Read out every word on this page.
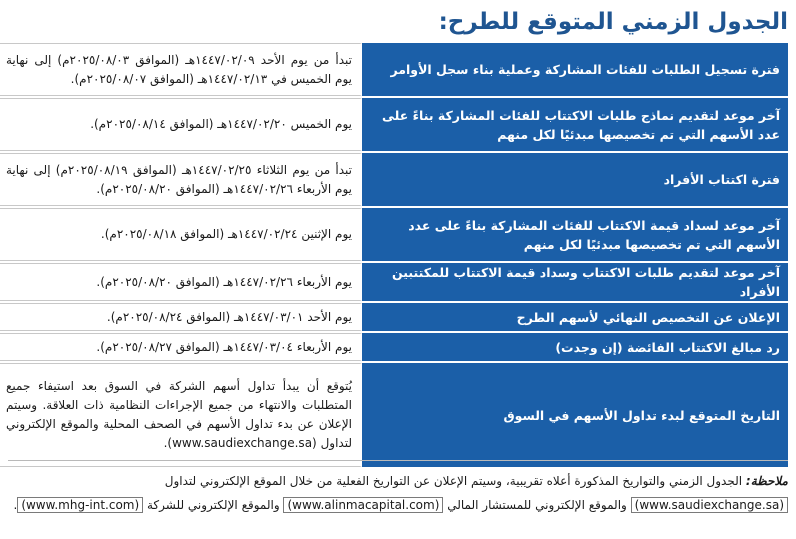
الجدول الزمني المتوقع للطرح:
فترة تسجيل الطلبات للفئات المشاركة وعملية بناء سجل الأوامر	تبدأ من يوم الأحد ١٤٤٧/٠٢/٠٩هـ (الموافق ٢٠٢٥/٠٨/٠٣م) إلى نهاية يوم الخميس في ١٤٤٧/٠٢/١٣هـ (الموافق ٢٠٢٥/٠٨/٠٧م).
آخر موعد لتقديم نماذج طلبات الاكتتاب للفئات المشاركة بناءً على عدد الأسهم التي تم تخصيصها مبدئيًا لكل منهم	يوم الخميس ١٤٤٧/٠٢/٢٠هـ (الموافق ٢٠٢٥/٠٨/١٤م).
فترة اكتتاب الأفراد	تبدأ من يوم الثلاثاء ١٤٤٧/٠٢/٢٥هـ (الموافق ٢٠٢٥/٠٨/١٩م) إلى نهاية يوم الأربعاء ١٤٤٧/٠٢/٢٦هـ (الموافق ٢٠٢٥/٠٨/٢٠م).
آخر موعد لسداد قيمة الاكتتاب للفئات المشاركة بناءً على عدد الأسهم التي تم تخصيصها مبدئيًا لكل منهم	يوم الإثنين ١٤٤٧/٠٢/٢٤هـ (الموافق ٢٠٢٥/٠٨/١٨م).
آخر موعد لتقديم طلبات الاكتتاب وسداد قيمة الاكتتاب للمكتتبين الأفراد	يوم الأربعاء ١٤٤٧/٠٢/٢٦هـ (الموافق ٢٠٢٥/٠٨/٢٠م).
الإعلان عن التخصيص النهائي لأسهم الطرح	يوم الأحد ١٤٤٧/٠٣/٠١هـ (الموافق ٢٠٢٥/٠٨/٢٤م).
رد مبالغ الاكتتاب الفائضة (إن وجدت)	يوم الأربعاء ١٤٤٧/٠٣/٠٤هـ (الموافق ٢٠٢٥/٠٨/٢٧م).
التاريخ المتوقع لبدء تداول الأسهم في السوق	يُتوقع أن يبدأ تداول أسهم الشركة في السوق بعد استيفاء جميع المتطلبات والانتهاء من جميع الإجراءات النظامية ذات العلاقة. وسيتم الإعلان عن بدء تداول الأسهم في الصحف المحلية والموقع الإلكتروني لتداول (www.saudiexchange.sa).
ملاحظة: الجدول الزمني والتواريخ المذكورة أعلاه تقريبية، وسيتم الإعلان عن التواريخ الفعلية من خلال الموقع الإلكتروني لتداول (www.saudiexchange.sa) والموقع الإلكتروني للمستشار المالي (www.alinmacapital.com) والموقع الإلكتروني للشركة (www.mhg-int.com).
